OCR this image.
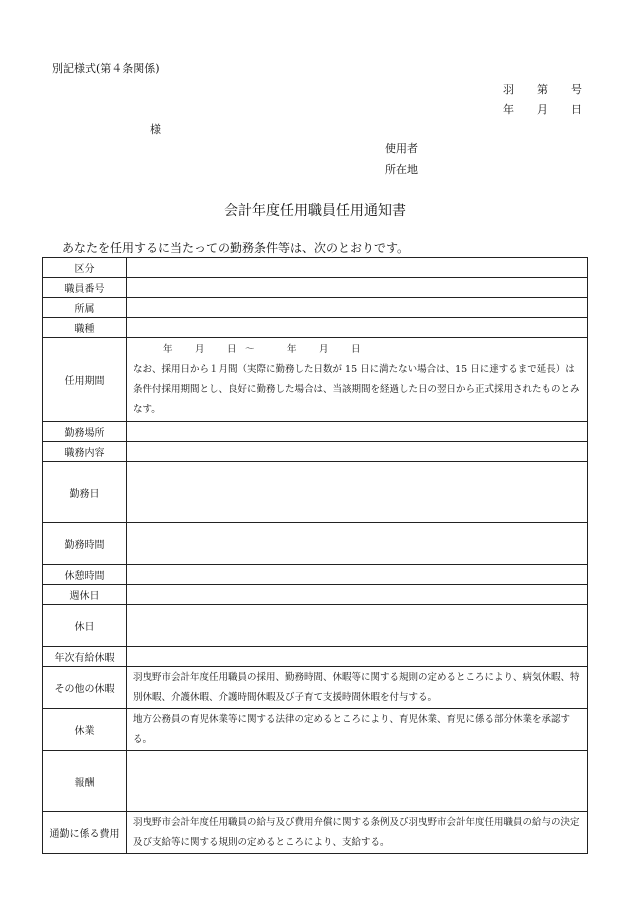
別記様式(第４条関係)
羽 第 号
年 月 日
様
使用者
所在地
会計年度任用職員任用通知書
あなたを任用するに当たっての勤務条件等は、次のとおりです。
区分	
職員番号	
所属	
職種	
任用期間	年 月 日 ～ 年 月 日
なお、採用日から１月間（実際に勤務した日数が 15 日に満たない場合は、15 日に達するまで延長）は条件付採用期間とし、良好に勤務した場合は、当該期間を経過した日の翌日から正式採用されたものとみなす。

勤務場所	
職務内容	
勤務日	
勤務時間	
休憩時間	
週休日	
休日	
年次有給休暇	
その他の休暇	羽曳野市会計年度任用職員の採用、勤務時間、休暇等に関する規則の定めるところにより、病気休暇、特別休暇、介護休暇、介護時間休暇及び子育て支援時間休暇を付与する。
休業	地方公務員の育児休業等に関する法律の定めるところにより、育児休業、育児に係る部分休業を承認する。
報酬	
通勤に係る費用	羽曳野市会計年度任用職員の給与及び費用弁償に関する条例及び羽曳野市会計年度任用職員の給与の決定及び支給等に関する規則の定めるところにより、支給する。
